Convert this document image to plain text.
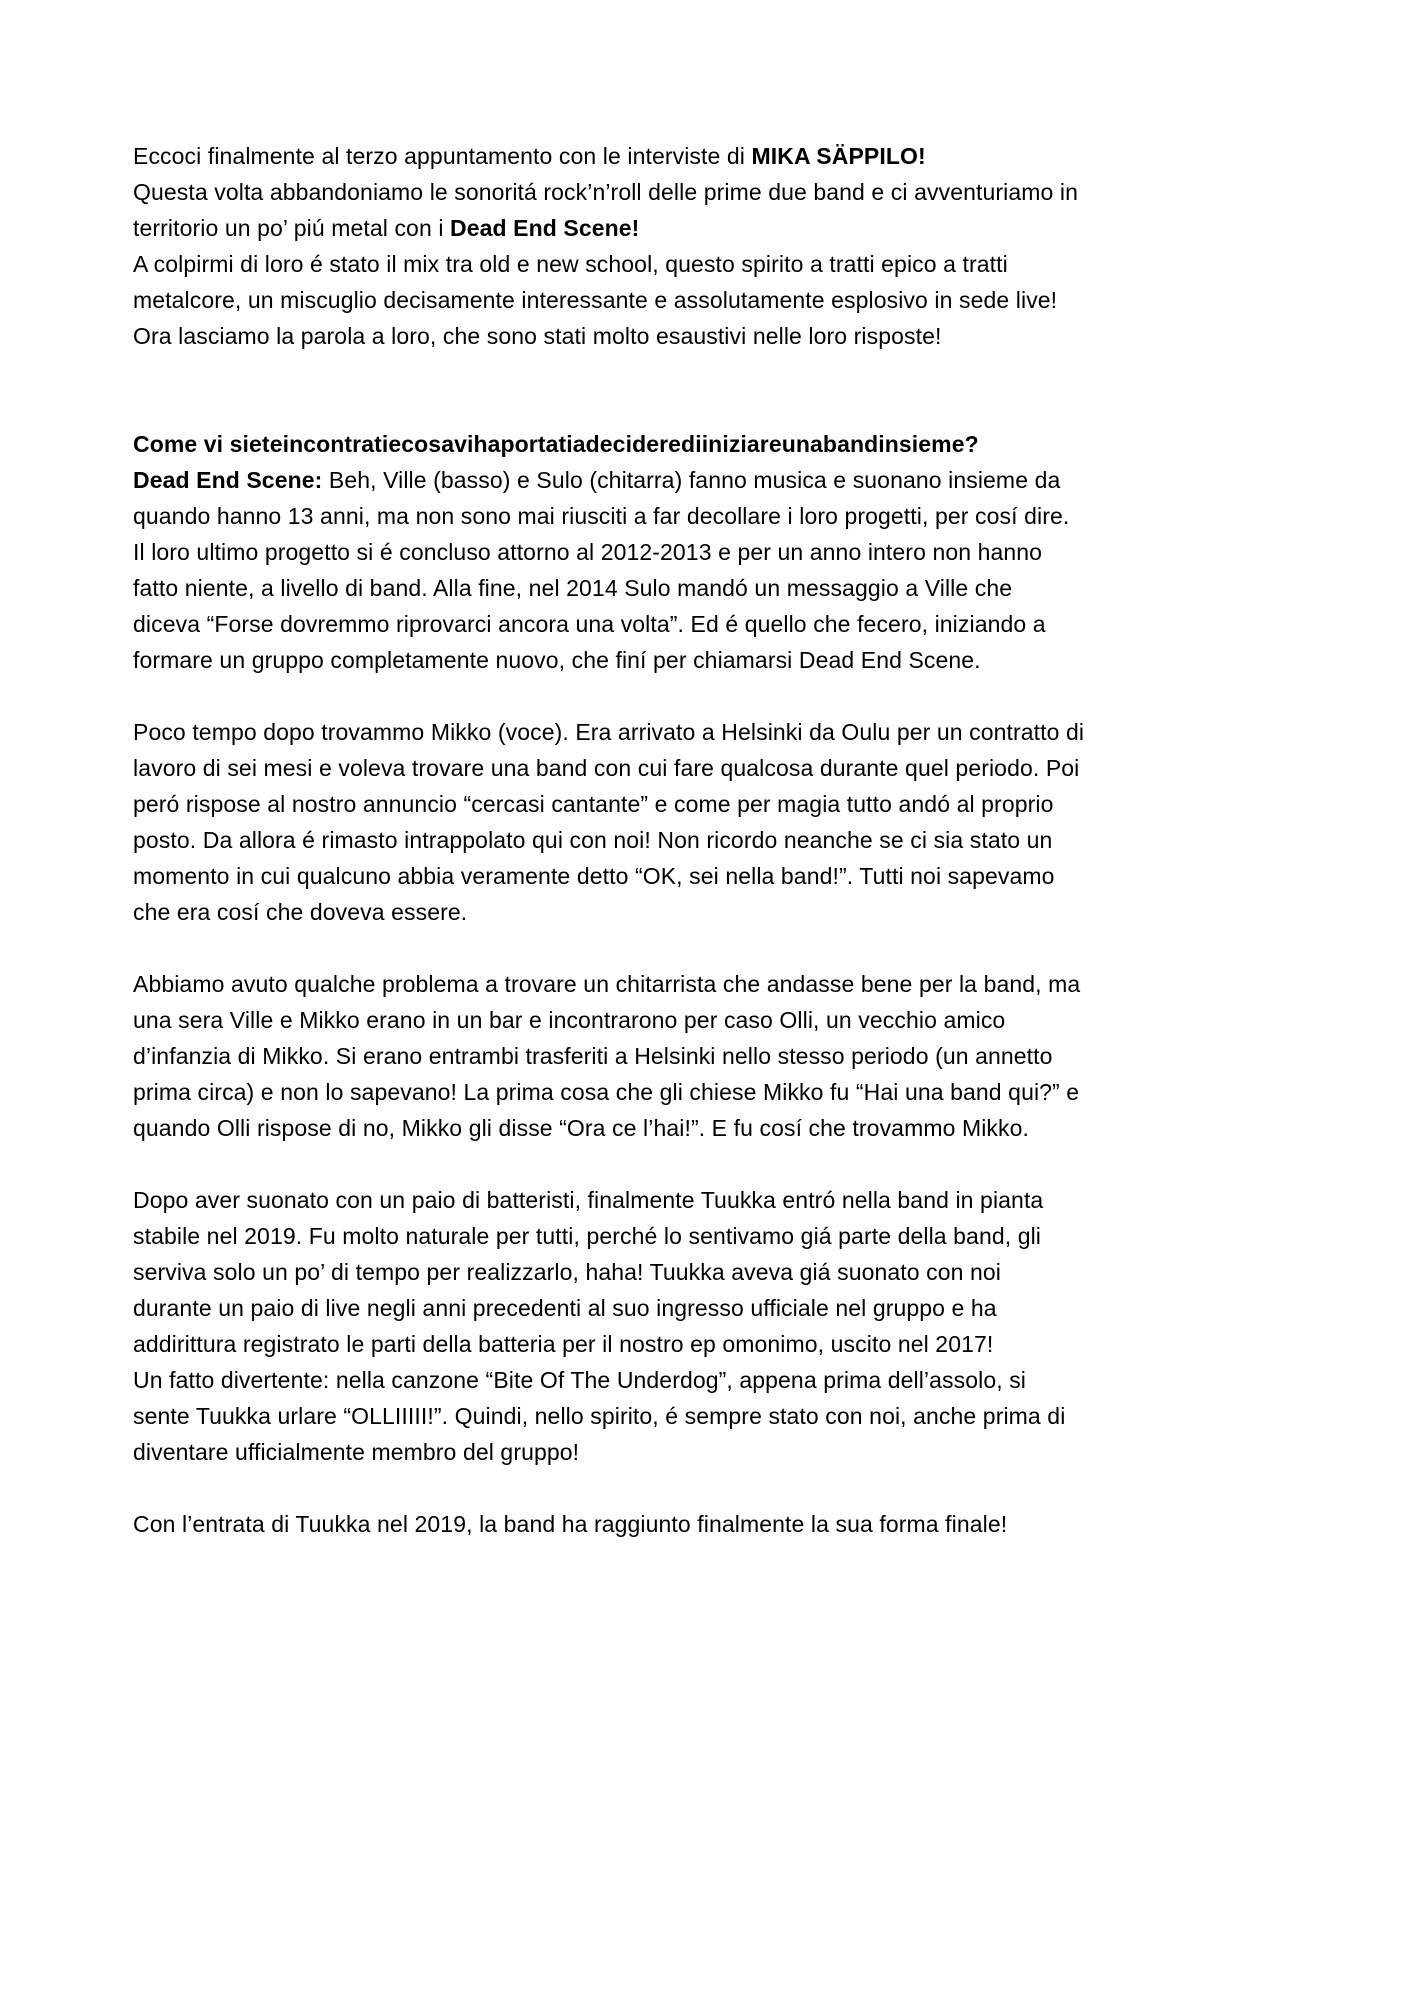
Eccoci finalmente al terzo appuntamento con le interviste di MIKA SÄPPILO!
Questa volta abbandoniamo le sonoritá rock’n’roll delle prime due band e ci avventuriamo in
territorio un po’ piú metal con i Dead End Scene!
A colpirmi di loro é stato il mix tra old e new school, questo spirito a tratti epico a tratti
metalcore, un miscuglio decisamente interessante e assolutamente esplosivo in sede live!
Ora lasciamo la parola a loro, che sono stati molto esaustivi nelle loro risposte!
Come vi sieteincontratiecosavihaportatiadeciderediiniziareunabandinsieme?
Dead End Scene: Beh, Ville (basso) e Sulo (chitarra) fanno musica e suonano insieme da
quando hanno 13 anni, ma non sono mai riusciti a far decollare i loro progetti, per cosí dire.
Il loro ultimo progetto si é concluso attorno al 2012-2013 e per un anno intero non hanno
fatto niente, a livello di band. Alla fine, nel 2014 Sulo mandó un messaggio a Ville che
diceva “Forse dovremmo riprovarci ancora una volta”. Ed é quello che fecero, iniziando a
formare un gruppo completamente nuovo, che finí per chiamarsi Dead End Scene.
Poco tempo dopo trovammo Mikko (voce). Era arrivato a Helsinki da Oulu per un contratto di
lavoro di sei mesi e voleva trovare una band con cui fare qualcosa durante quel periodo. Poi
peró rispose al nostro annuncio “cercasi cantante” e come per magia tutto andó al proprio
posto. Da allora é rimasto intrappolato qui con noi! Non ricordo neanche se ci sia stato un
momento in cui qualcuno abbia veramente detto “OK, sei nella band!”. Tutti noi sapevamo
che era cosí che doveva essere.
Abbiamo avuto qualche problema a trovare un chitarrista che andasse bene per la band, ma
una sera Ville e Mikko erano in un bar e incontrarono per caso Olli, un vecchio amico
d’infanzia di Mikko. Si erano entrambi trasferiti a Helsinki nello stesso periodo (un annetto
prima circa) e non lo sapevano! La prima cosa che gli chiese Mikko fu “Hai una band qui?” e
quando Olli rispose di no, Mikko gli disse “Ora ce l’hai!”. E fu cosí che trovammo Mikko.
Dopo aver suonato con un paio di batteristi, finalmente Tuukka entró nella band in pianta
stabile nel 2019. Fu molto naturale per tutti, perché lo sentivamo giá parte della band, gli
serviva solo un po’ di tempo per realizzarlo, haha! Tuukka aveva giá suonato con noi
durante un paio di live negli anni precedenti al suo ingresso ufficiale nel gruppo e ha
addirittura registrato le parti della batteria per il nostro ep omonimo, uscito nel 2017!
Un fatto divertente: nella canzone “Bite Of The Underdog”, appena prima dell’assolo, si
sente Tuukka urlare “OLLIIIII!”. Quindi, nello spirito, é sempre stato con noi, anche prima di
diventare ufficialmente membro del gruppo!
Con l’entrata di Tuukka nel 2019, la band ha raggiunto finalmente la sua forma finale!
